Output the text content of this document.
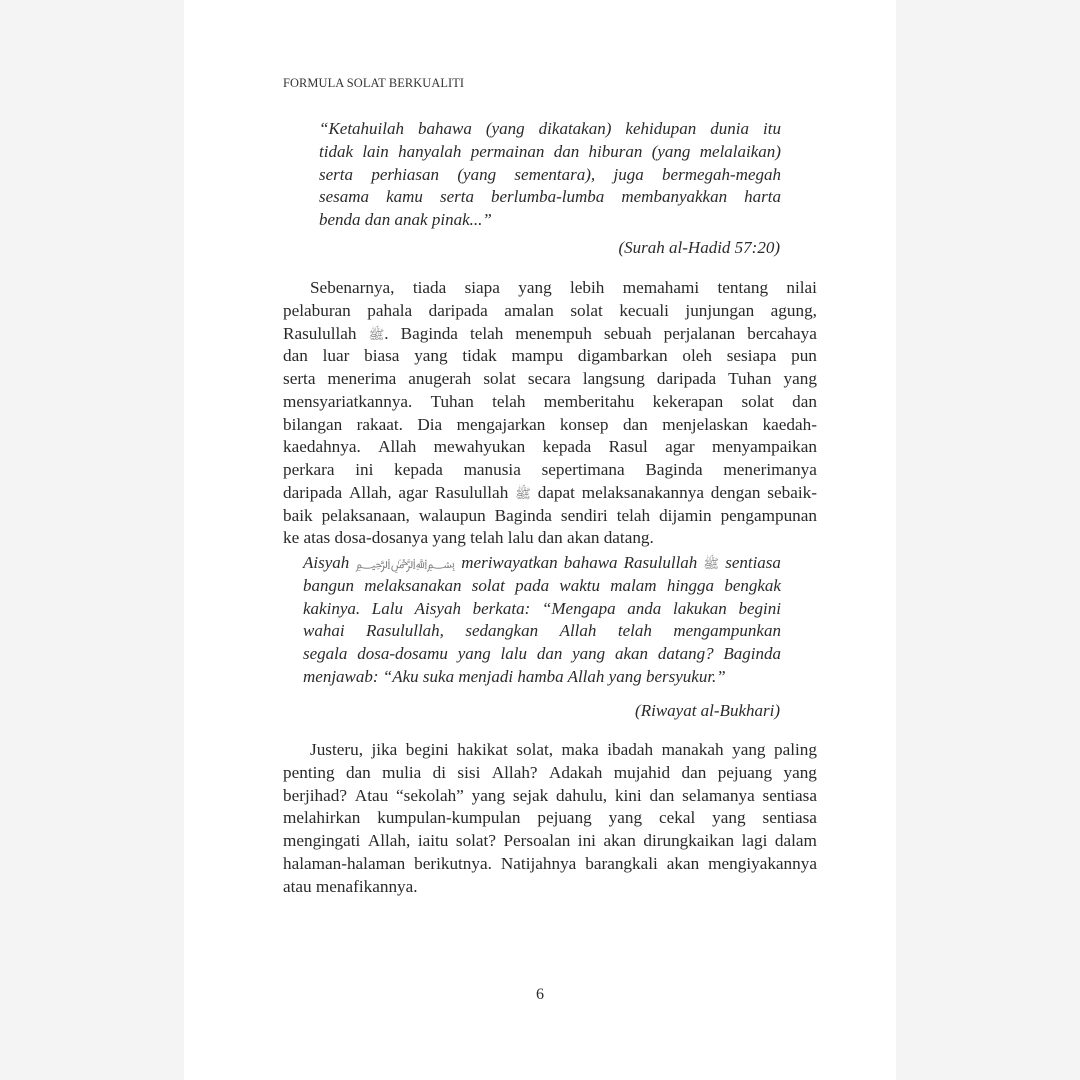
FORMULA SOLAT BERKUALITI
“Ketahuilah bahawa (yang dikatakan) kehidupan dunia itu
tidak lain hanyalah permainan dan hiburan (yang melalaikan)
serta perhiasan (yang sementara), juga bermegah-megah
sesama kamu serta berlumba-lumba membanyakkan harta
benda dan anak pinak...”
(Surah al-Hadid 57:20)
Sebenarnya, tiada siapa yang lebih memahami tentang nilai
pelaburan pahala daripada amalan solat kecuali junjungan agung,
Rasulullah ﷺ. Baginda telah menempuh sebuah perjalanan bercahaya
dan luar biasa yang tidak mampu digambarkan oleh sesiapa pun
serta menerima anugerah solat secara langsung daripada Tuhan yang
mensyariatkannya. Tuhan telah memberitahu kekerapan solat dan
bilangan rakaat. Dia mengajarkan konsep dan menjelaskan kaedah-
kaedahnya. Allah mewahyukan kepada Rasul agar menyampaikan
perkara ini kepada manusia sepertimana Baginda menerimanya
daripada Allah, agar Rasulullah ﷺ dapat melaksanakannya dengan sebaik-
baik pelaksanaan, walaupun Baginda sendiri telah dijamin pengampunan
ke atas dosa-dosanya yang telah lalu dan akan datang.
Aisyah ﷽ meriwayatkan bahawa Rasulullah ﷺ sentiasa
bangun melaksanakan solat pada waktu malam hingga bengkak
kakinya. Lalu Aisyah berkata: “Mengapa anda lakukan begini
wahai Rasulullah, sedangkan Allah telah mengampunkan
segala dosa-dosamu yang lalu dan yang akan datang? Baginda
menjawab: “Aku suka menjadi hamba Allah yang bersyukur.”
(Riwayat al-Bukhari)
Justeru, jika begini hakikat solat, maka ibadah manakah yang paling
penting dan mulia di sisi Allah? Adakah mujahid dan pejuang yang
berjihad? Atau “sekolah” yang sejak dahulu, kini dan selamanya sentiasa
melahirkan kumpulan-kumpulan pejuang yang cekal yang sentiasa
mengingati Allah, iaitu solat? Persoalan ini akan dirungkaikan lagi dalam
halaman-halaman berikutnya. Natijahnya barangkali akan mengiyakannya
atau menafikannya.
6
